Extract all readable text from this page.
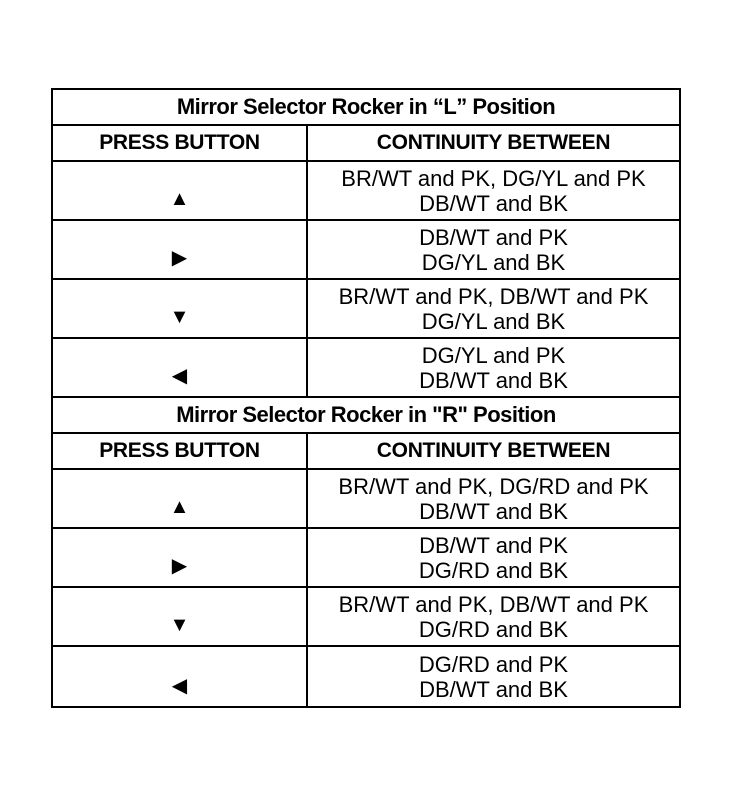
Mirror Selector Rocker in “L” Position
PRESS BUTTON	CONTINUITY BETWEEN
▲
BR/WT and PK, DG/YL and PK
DB/WT and BK
▶
DB/WT and PK
DG/YL and BK
▼
BR/WT and PK, DB/WT and PK
DG/YL and BK
◀
DG/YL and PK
DB/WT and BK
Mirror Selector Rocker in "R" Position
PRESS BUTTON	CONTINUITY BETWEEN
▲
BR/WT and PK, DG/RD and PK
DB/WT and BK
▶
DB/WT and PK
DG/RD and BK
▼
BR/WT and PK, DB/WT and PK
DG/RD and BK
◀
DG/RD and PK
DB/WT and BK
